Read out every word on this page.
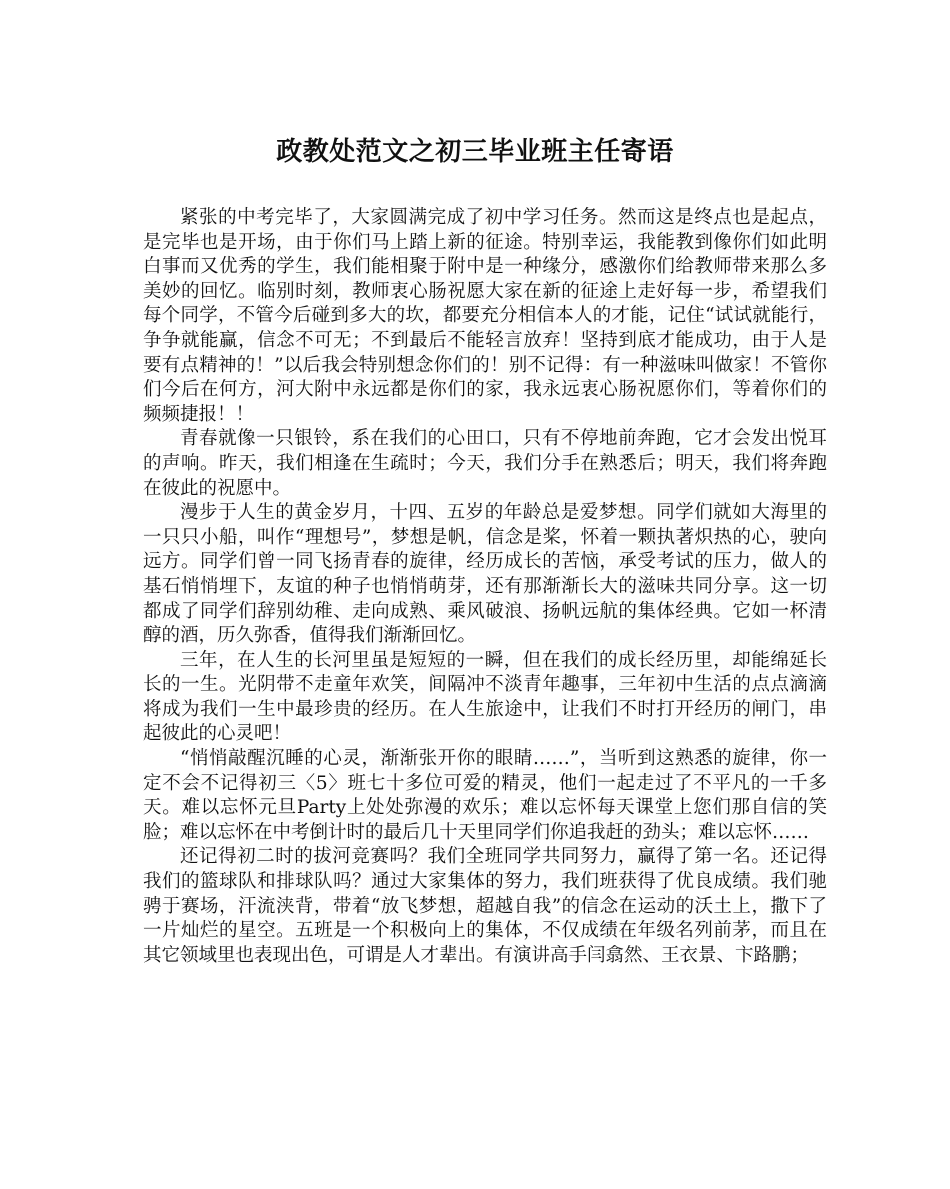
政教处范文之初三毕业班主任寄语

紧张的中考完毕了，大家圆满完成了初中学习任务。然而这是终点也是起点，是完毕也是开场，由于你们马上踏上新的征途。特别幸运，我能教到像你们如此明白事而又优秀的学生，我们能相聚于附中是一种缘分，感激你们给教师带来那么多美妙的回忆。临别时刻，教师衷心肠祝愿大家在新的征途上走好每一步，希望我们每个同学，不管今后碰到多大的坎，都要充分相信本人的才能，记住“试试就能行，争争就能赢，信念不可无；不到最后不能轻言放弃！坚持到底才能成功，由于人是要有点精神的！”以后我会特别想念你们的！别不记得：有一种滋味叫做家！不管你们今后在何方，河大附中永远都是你们的家，我永远衷心肠祝愿你们，等着你们的频频捷报！！

青春就像一只银铃，系在我们的心田口，只有不停地前奔跑，它才会发出悦耳的声响。昨天，我们相逢在生疏时；今天，我们分手在熟悉后；明天，我们将奔跑在彼此的祝愿中。

漫步于人生的黄金岁月，十四、五岁的年龄总是爱梦想。同学们就如大海里的一只只小船，叫作“理想号”，梦想是帆，信念是桨，怀着一颗执著炽热的心，驶向远方。同学们曾一同飞扬青春的旋律，经历成长的苦恼，承受考试的压力，做人的基石悄悄埋下，友谊的种子也悄悄萌芽，还有那渐渐长大的滋味共同分享。这一切都成了同学们辞别幼稚、走向成熟、乘风破浪、扬帆远航的集体经典。它如一杯清醇的酒，历久弥香，值得我们渐渐回忆。

三年，在人生的长河里虽是短短的一瞬，但在我们的成长经历里，却能绵延长长的一生。光阴带不走童年欢笑，间隔冲不淡青年趣事，三年初中生活的点点滴滴将成为我们一生中最珍贵的经历。在人生旅途中，让我们不时打开经历的闸门，串起彼此的心灵吧！

“悄悄敲醒沉睡的心灵，渐渐张开你的眼睛……”，当听到这熟悉的旋律，你一定不会不记得初三〈5〉班七十多位可爱的精灵，他们一起走过了不平凡的一千多天。难以忘怀元旦Party上处处弥漫的欢乐；难以忘怀每天课堂上您们那自信的笑脸；难以忘怀在中考倒计时的最后几十天里同学们你追我赶的劲头；难以忘怀……

还记得初二时的拔河竞赛吗？我们全班同学共同努力，赢得了第一名。还记得我们的篮球队和排球队吗？通过大家集体的努力，我们班获得了优良成绩。我们驰骋于赛场，汗流浃背，带着“放飞梦想，超越自我”的信念在运动的沃土上，撒下了一片灿烂的星空。五班是一个积极向上的集体，不仅成绩在年级名列前茅，而且在其它领域里也表现出色，可谓是人才辈出。有演讲高手闫翕然、王衣景、卞路鹏；
